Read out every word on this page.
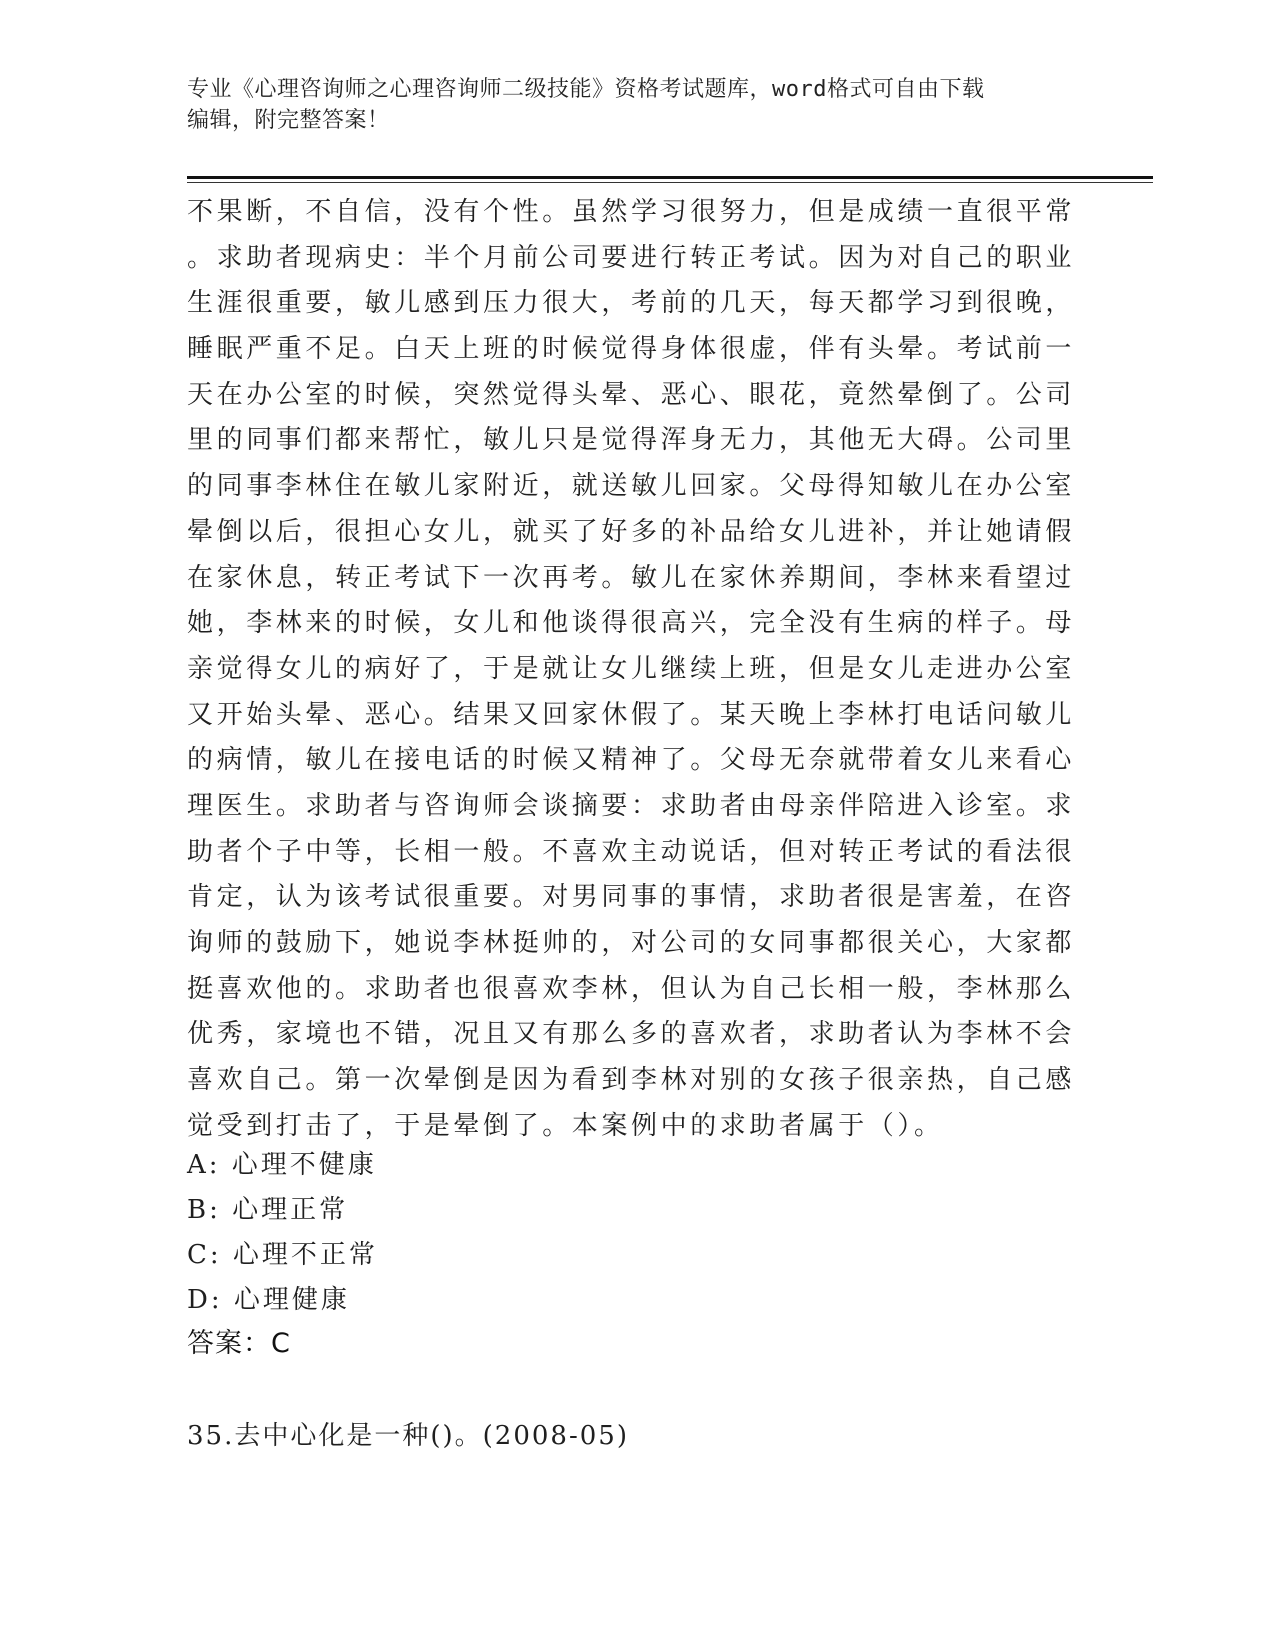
专业《心理咨询师之心理咨询师二级技能》资格考试题库，word格式可自由下载
编辑，附完整答案！
不果断，不自信，没有个性。虽然学习很努力，但是成绩一直很平常
。求助者现病史：半个月前公司要进行转正考试。因为对自己的职业
生涯很重要，敏儿感到压力很大，考前的几天，每天都学习到很晚，
睡眠严重不足。白天上班的时候觉得身体很虚，伴有头晕。考试前一
天在办公室的时候，突然觉得头晕、恶心、眼花，竟然晕倒了。公司
里的同事们都来帮忙，敏儿只是觉得浑身无力，其他无大碍。公司里
的同事李林住在敏儿家附近，就送敏儿回家。父母得知敏儿在办公室
晕倒以后，很担心女儿，就买了好多的补品给女儿进补，并让她请假
在家休息，转正考试下一次再考。敏儿在家休养期间，李林来看望过
她，李林来的时候，女儿和他谈得很高兴，完全没有生病的样子。母
亲觉得女儿的病好了，于是就让女儿继续上班，但是女儿走进办公室
又开始头晕、恶心。结果又回家休假了。某天晚上李林打电话问敏儿
的病情，敏儿在接电话的时候又精神了。父母无奈就带着女儿来看心
理医生。求助者与咨询师会谈摘要：求助者由母亲伴陪进入诊室。求
助者个子中等，长相一般。不喜欢主动说话，但对转正考试的看法很
肯定，认为该考试很重要。对男同事的事情，求助者很是害羞，在咨
询师的鼓励下，她说李林挺帅的，对公司的女同事都很关心，大家都
挺喜欢他的。求助者也很喜欢李林，但认为自己长相一般，李林那么
优秀，家境也不错，况且又有那么多的喜欢者，求助者认为李林不会
喜欢自己。第一次晕倒是因为看到李林对别的女孩子很亲热，自己感
觉受到打击了，于是晕倒了。本案例中的求助者属于（）。
A: 心理不健康
B: 心理正常
C: 心理不正常
D: 心理健康
答案：C
35.去中心化是一种()。(2008-05)
